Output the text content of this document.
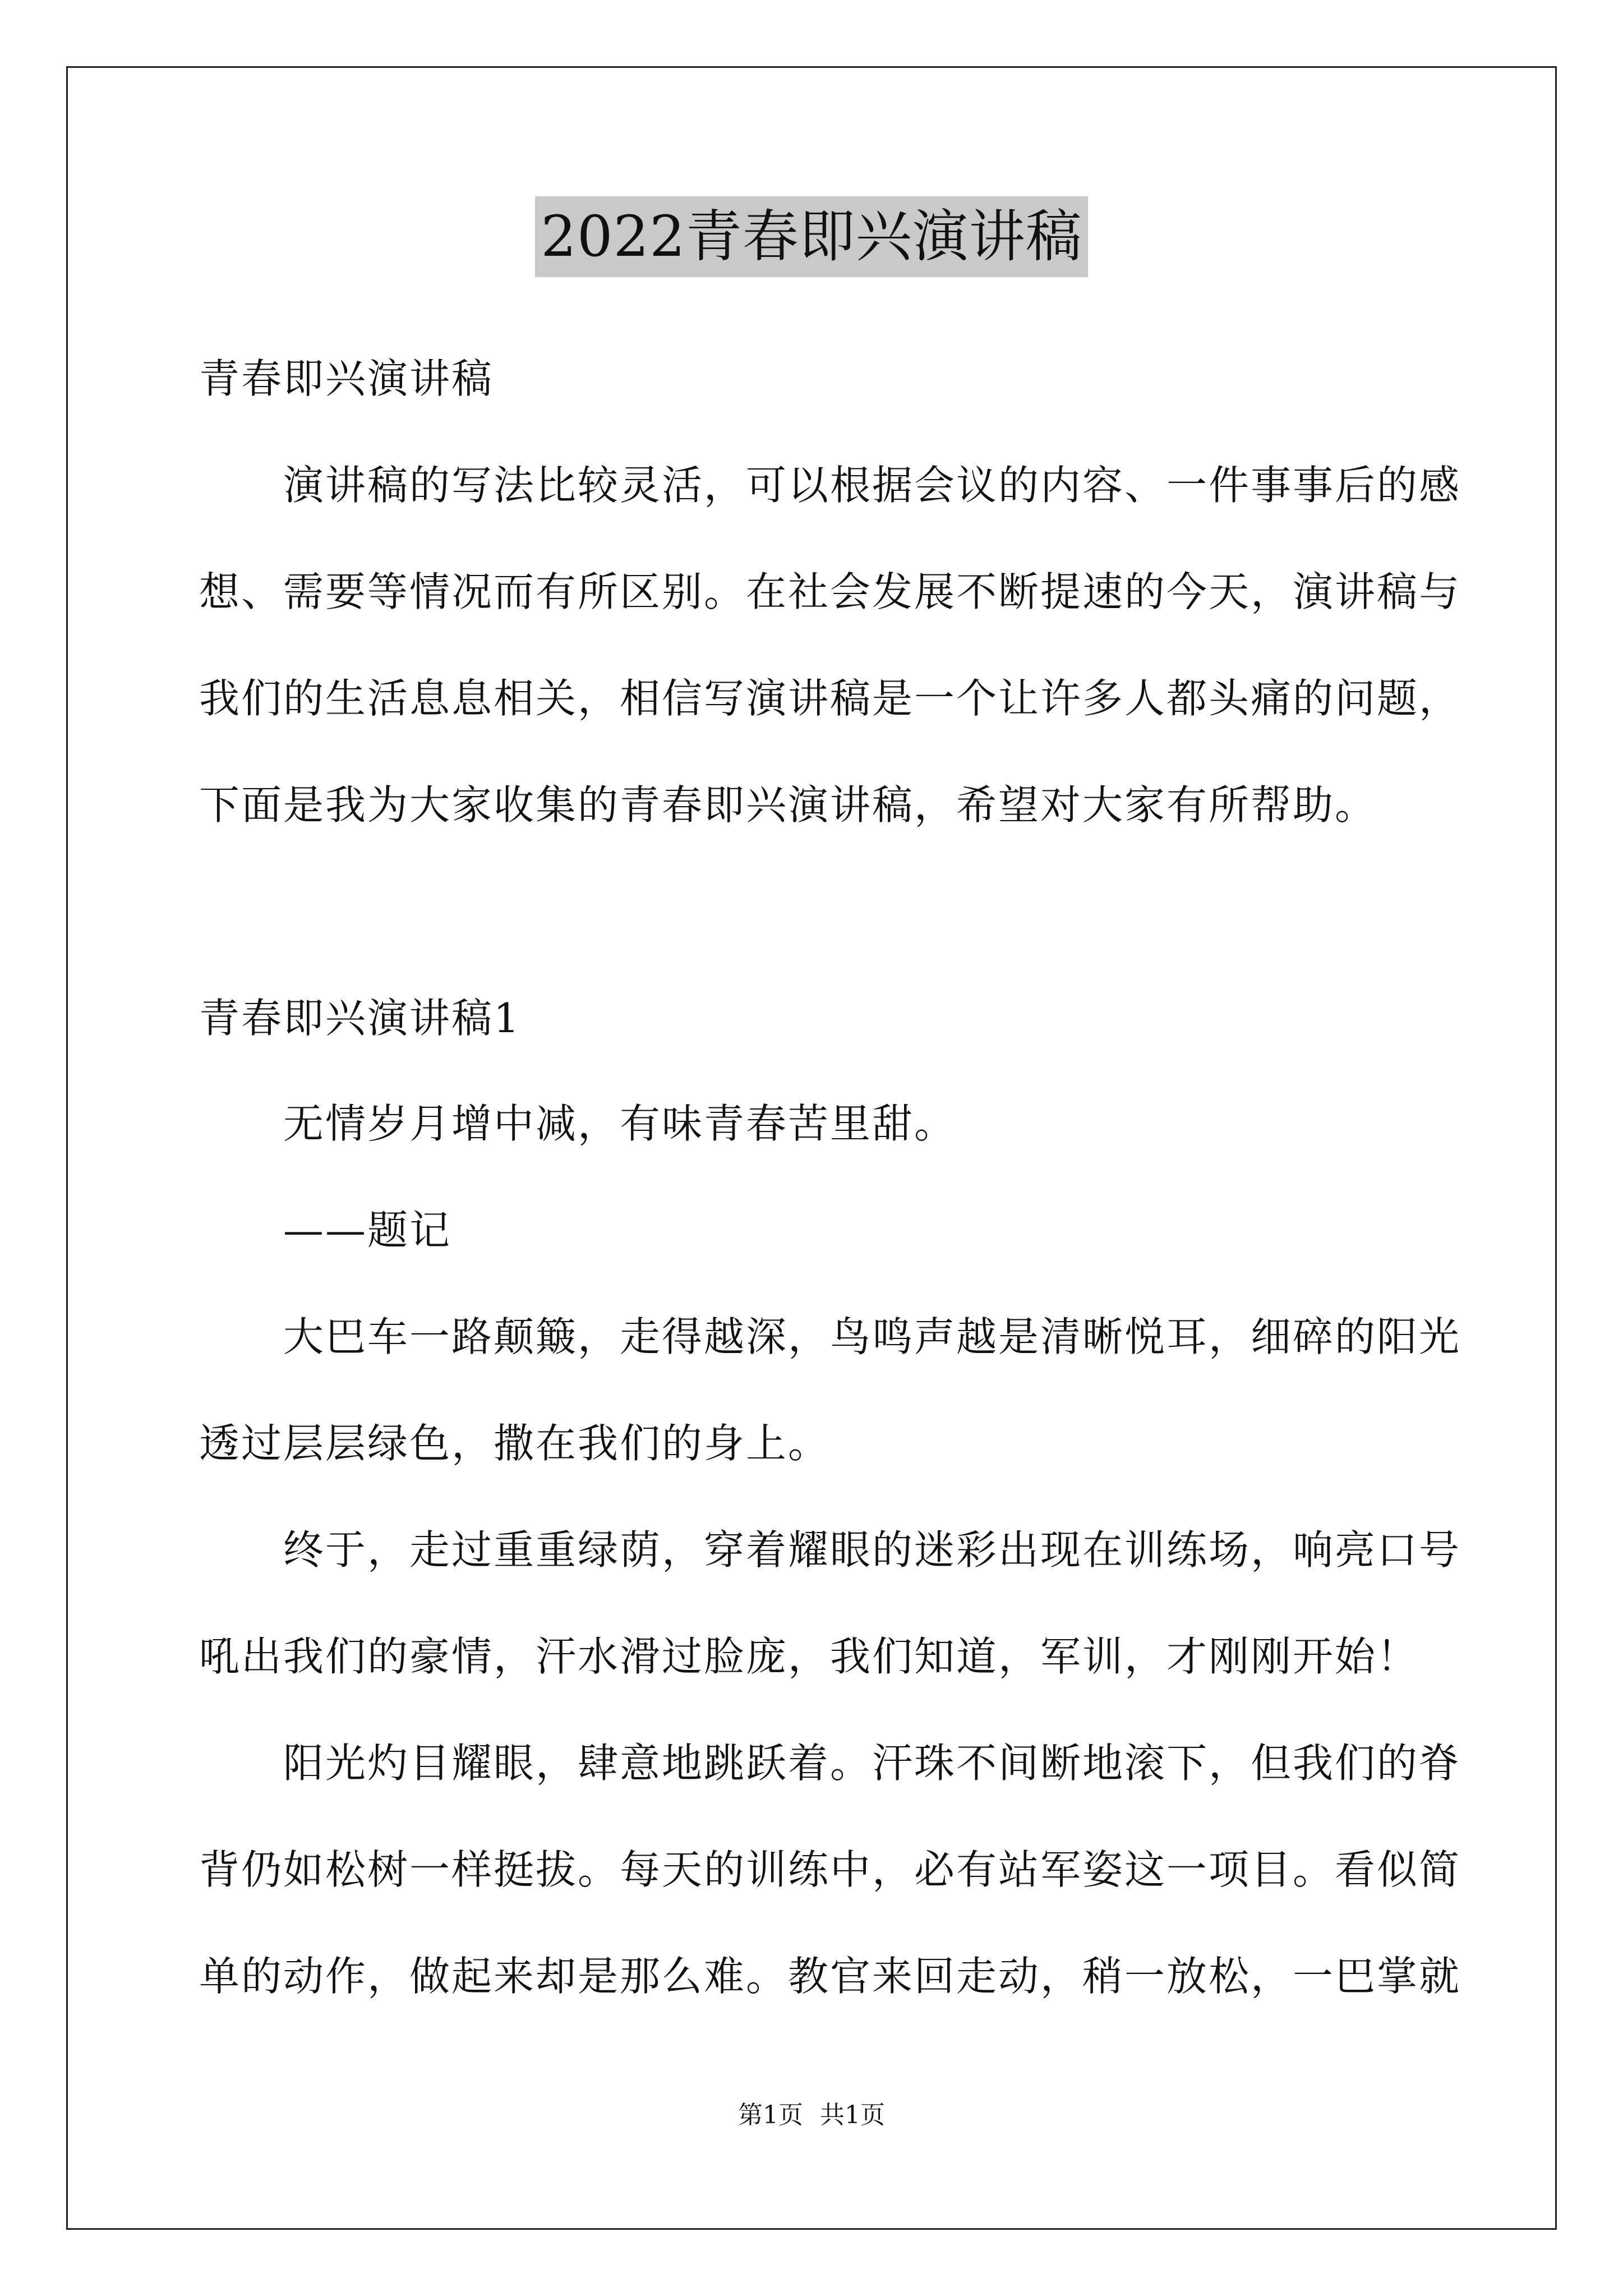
2022青春即兴演讲稿
青春即兴演讲稿
演讲稿的写法比较灵活，可以根据会议的内容、一件事事后的感
想、需要等情况而有所区别。在社会发展不断提速的今天，演讲稿与
我们的生活息息相关，相信写演讲稿是一个让许多人都头痛的问题，
下面是我为大家收集的青春即兴演讲稿，希望对大家有所帮助。
青春即兴演讲稿1
无情岁月增中减，有味青春苦里甜。
——题记
大巴车一路颠簸，走得越深，鸟鸣声越是清晰悦耳，细碎的阳光
透过层层绿色，撒在我们的身上。
终于，走过重重绿荫，穿着耀眼的迷彩出现在训练场，响亮口号
吼出我们的豪情，汗水滑过脸庞，我们知道，军训，才刚刚开始！
阳光灼目耀眼，肆意地跳跃着。汗珠不间断地滚下，但我们的脊
背仍如松树一样挺拔。每天的训练中，必有站军姿这一项目。看似简
单的动作，做起来却是那么难。教官来回走动，稍一放松，一巴掌就
第1页 共1页
